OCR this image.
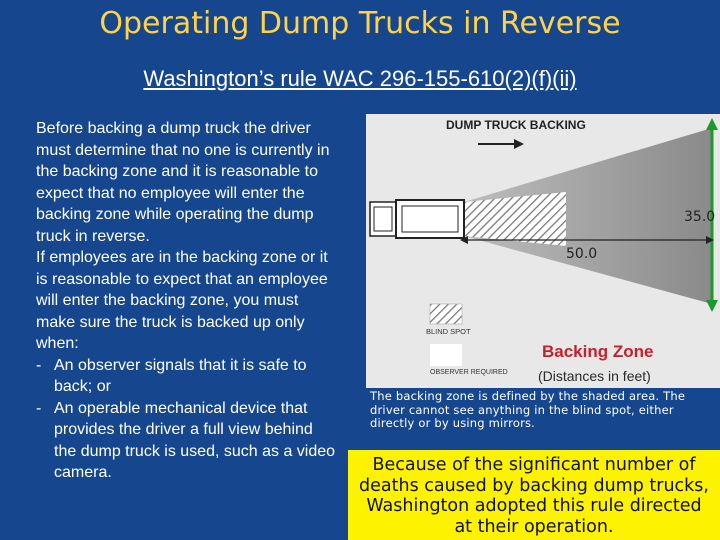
Operating Dump Trucks in Reverse
Washington’s rule WAC 296-155-610(2)(f)(ii)

Before backing a dump truck the driver must determine that no one is currently in the backing zone and it is reasonable to expect that no employee will enter the backing zone while operating the dump truck in reverse.

If employees are in the backing zone or it is reasonable to expect that an employee will enter the backing zone, you must make sure the truck is backed up only when:

- An observer signals that it is safe to back; or
- An operable mechanical device that provides the driver a full view behind the dump truck is used, such as a video camera.
DUMP TRUCK BACKING
35.0
50.0
BLIND SPOT
OBSERVER REQUIRED
Backing Zone
(Distances in feet)
The backing zone is defined by the shaded area. The driver cannot see anything in the blind spot, either directly or by using mirrors.
Because of the significant number of deaths caused by backing dump trucks, Washington adopted this rule directed at their operation.
